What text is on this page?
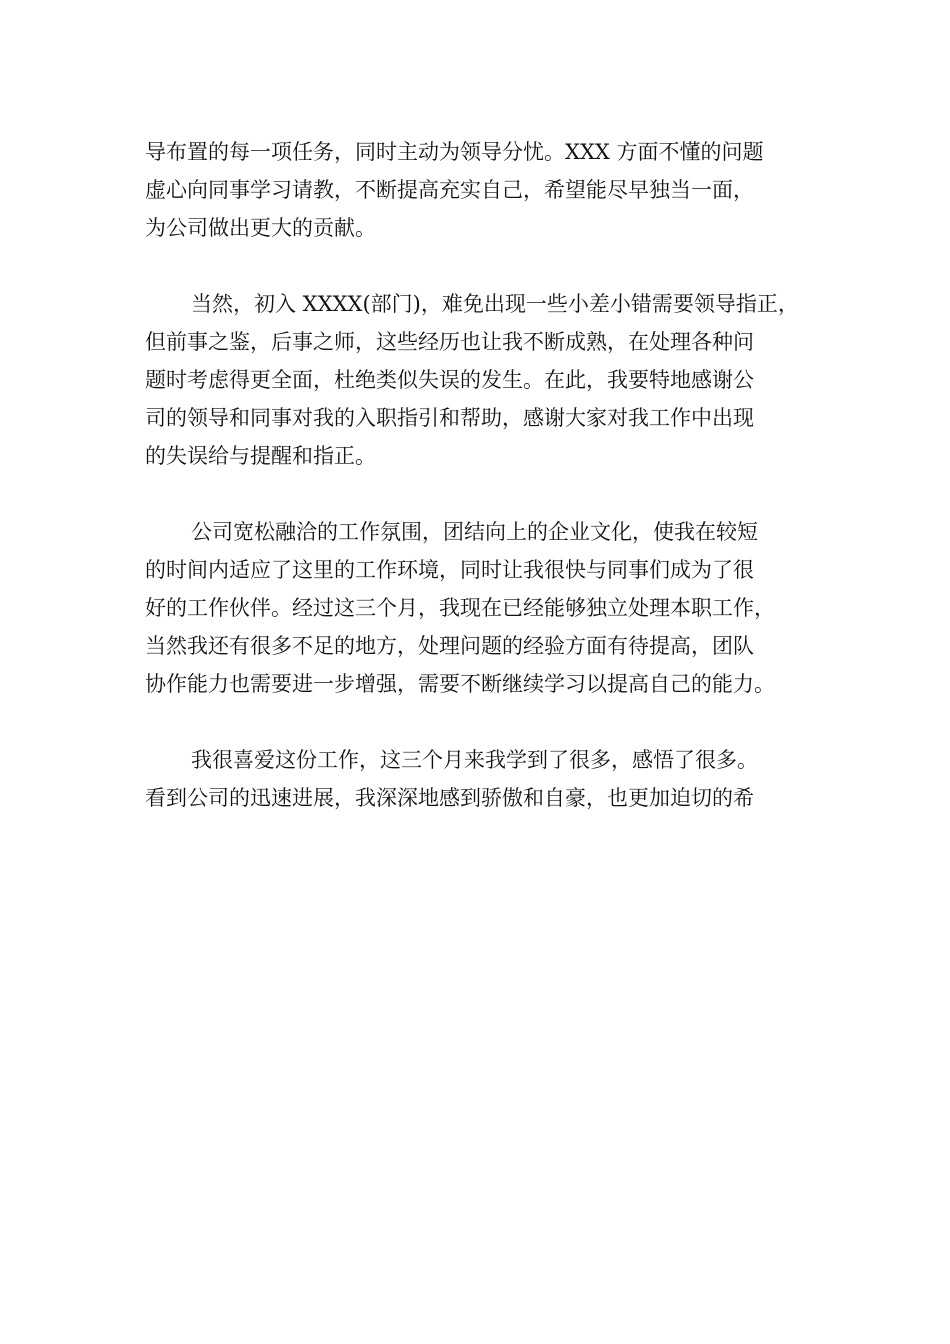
导布置的每一项任务，同时主动为领导分忧。XXX 方面不懂的问题
虚心向同事学习请教，不断提高充实自己，希望能尽早独当一面，
为公司做出更大的贡献。
当然，初入 XXXX(部门)，难免出现一些小差小错需要领导指正，
但前事之鉴，后事之师，这些经历也让我不断成熟，在处理各种问
题时考虑得更全面，杜绝类似失误的发生。在此，我要特地感谢公
司的领导和同事对我的入职指引和帮助，感谢大家对我工作中出现
的失误给与提醒和指正。
公司宽松融洽的工作氛围，团结向上的企业文化，使我在较短
的时间内适应了这里的工作环境，同时让我很快与同事们成为了很
好的工作伙伴。经过这三个月，我现在已经能够独立处理本职工作，
当然我还有很多不足的地方，处理问题的经验方面有待提高，团队
协作能力也需要进一步增强，需要不断继续学习以提高自己的能力。
我很喜爱这份工作，这三个月来我学到了很多，感悟了很多。
看到公司的迅速进展，我深深地感到骄傲和自豪，也更加迫切的希
